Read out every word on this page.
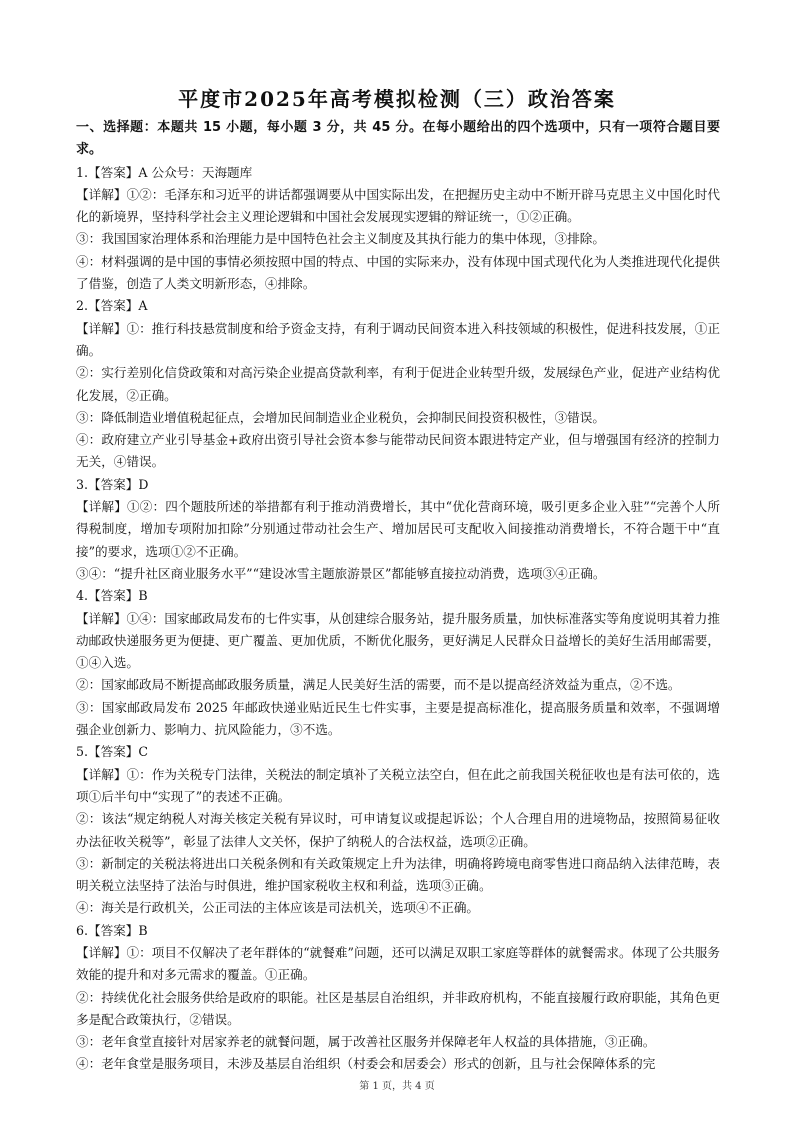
平度市2025年高考模拟检测（三）政治答案

一、选择题：本题共 15 小题，每小题 3 分，共 45 分。在每小题给出的四个选项中，只有一项符合题目要求。

1.【答案】A 公众号：天海题库

【详解】①②：毛泽东和习近平的讲话都强调要从中国实际出发，在把握历史主动中不断开辟马克思主义中国化时代化的新境界，坚持科学社会主义理论逻辑和中国社会发展现实逻辑的辩证统一，①②正确。

③：我国国家治理体系和治理能力是中国特色社会主义制度及其执行能力的集中体现，③排除。

④：材料强调的是中国的事情必须按照中国的特点、中国的实际来办，没有体现中国式现代化为人类推进现代化提供了借鉴，创造了人类文明新形态，④排除。

2.【答案】A

【详解】①：推行科技悬赏制度和给予资金支持，有利于调动民间资本进入科技领域的积极性，促进科技发展，①正确。

②：实行差别化信贷政策和对高污染企业提高贷款利率，有利于促进企业转型升级，发展绿色产业，促进产业结构优化发展，②正确。

③：降低制造业增值税起征点，会增加民间制造业企业税负，会抑制民间投资积极性，③错误。

④：政府建立产业引导基金+政府出资引导社会资本参与能带动民间资本跟进特定产业，但与增强国有经济的控制力无关，④错误。

3.【答案】D

【详解】①②：四个题肢所述的举措都有利于推动消费增长，其中“优化营商环境，吸引更多企业入驻”“完善个人所得税制度，增加专项附加扣除”分别通过带动社会生产、增加居民可支配收入间接推动消费增长，不符合题干中“直接”的要求，选项①②不正确。

③④：“提升社区商业服务水平”“建设冰雪主题旅游景区”都能够直接拉动消费，选项③④正确。

4.【答案】B

【详解】①④：国家邮政局发布的七件实事，从创建综合服务站，提升服务质量，加快标准落实等角度说明其着力推动邮政快递服务更为便捷、更广覆盖、更加优质，不断优化服务，更好满足人民群众日益增长的美好生活用邮需要，①④入选。

②：国家邮政局不断提高邮政服务质量，满足人民美好生活的需要，而不是以提高经济效益为重点，②不选。

③：国家邮政局发布 2025 年邮政快递业贴近民生七件实事，主要是提高标准化，提高服务质量和效率，不强调增强企业创新力、影响力、抗风险能力，③不选。

5.【答案】C

【详解】①：作为关税专门法律，关税法的制定填补了关税立法空白，但在此之前我国关税征收也是有法可依的，选项①后半句中“实现了”的表述不正确。

②：该法“规定纳税人对海关核定关税有异议时，可申请复议或提起诉讼；个人合理自用的进境物品，按照简易征收办法征收关税等”，彰显了法律人文关怀，保护了纳税人的合法权益，选项②正确。

③：新制定的关税法将进出口关税条例和有关政策规定上升为法律，明确将跨境电商零售进口商品纳入法律范畴，表明关税立法坚持了法治与时俱进，维护国家税收主权和利益，选项③正确。

④：海关是行政机关，公正司法的主体应该是司法机关，选项④不正确。

6.【答案】B

【详解】①：项目不仅解决了老年群体的“就餐难”问题，还可以满足双职工家庭等群体的就餐需求。体现了公共服务效能的提升和对多元需求的覆盖。①正确。

②：持续优化社会服务供给是政府的职能。社区是基层自治组织，并非政府机构，不能直接履行政府职能，其角色更多是配合政策执行，②错误。

③：老年食堂直接针对居家养老的就餐问题，属于改善社区服务并保障老年人权益的具体措施，③正确。

④：老年食堂是服务项目，未涉及基层自治组织（村委会和居委会）形式的创新，且与社会保障体系的完

第 1 页，共 4 页
